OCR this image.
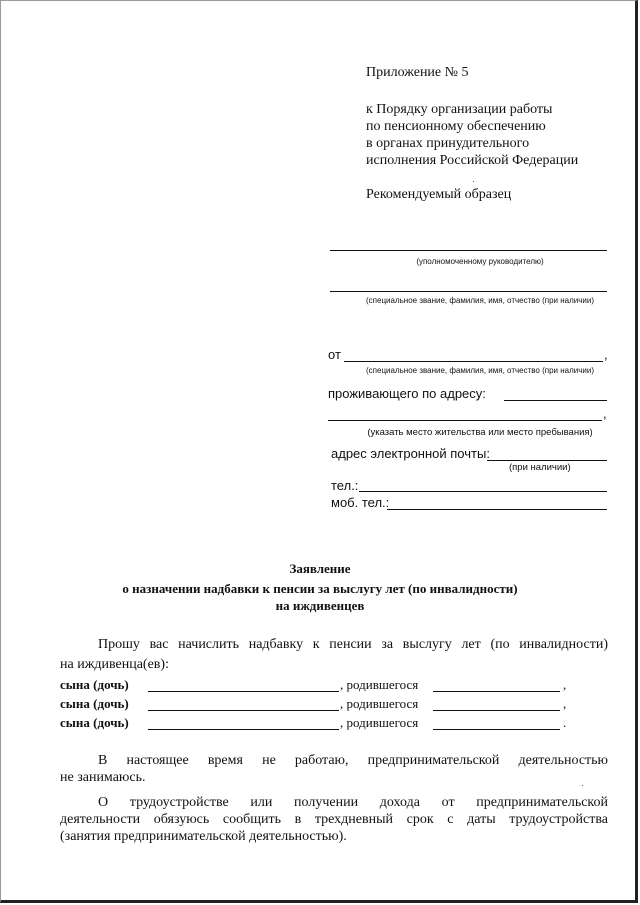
Приложение № 5
к Порядку организации работы
по пенсионному обеспечению
в органах принудительного
исполнения Российской Федерации
Рекомендуемый образец
(уполномоченному руководителю)
(специальное звание, фамилия, имя, отчество (при наличии)
от	,
(специальное звание, фамилия, имя, отчество (при наличии)
проживающего по адресу:
,
(указать место жительства или место пребывания)
адрес электронной почты:
(при наличии)
тел.:
моб. тел.:
Заявление
о назначении надбавки к пенсии за выслугу лет (по инвалидности)
на иждивенцев
Прошу вас начислить надбавку к пенсии за выслугу лет (по инвалидности)
на иждивенца(ев):
сына (дочь)	, родившегося	,
сына (дочь)	, родившегося	,
сына (дочь)	, родившегося	.
В настоящее время не работаю, предпринимательской деятельностью
не занимаюсь.
О трудоустройстве или получении дохода от предпринимательской
деятельности обязуюсь сообщить в трехдневный срок с даты трудоустройства
(занятия предпринимательской деятельностью).
